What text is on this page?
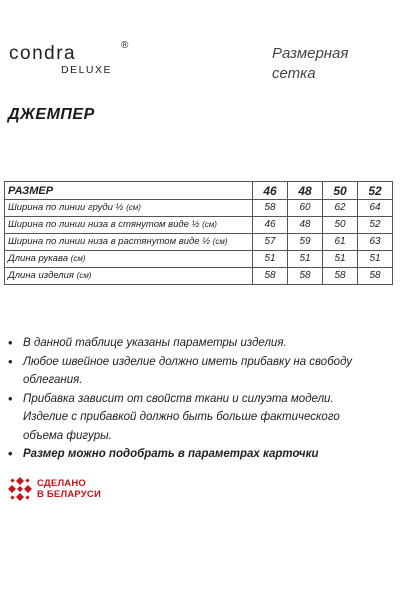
condra	®
DELUXE
Размерная
сетка
ДЖЕМПЕР
РАЗМЕР	46	48	50	52
Ширина по линии груди ½ (см)	58	60	62	64
Ширина по линии низа в стянутом виде ½ (см)	46	48	50	52
Ширина по линии низа в растянутом виде ½ (см)	57	59	61	63
Длина рукава (см)	51	51	51	51
Длина изделия (см)	58	58	58	58
• В данной таблице указаны параметры изделия.
• Любое швейное изделие должно иметь прибавку на свободу облегания.
• Прибавка зависит от свойств ткани и силуэта модели. Изделие с прибавкой должно быть больше фактического объема фигуры.
• Размер можно подобрать в параметрах карточки
СДЕЛАНО
В БЕЛАРУСИ
